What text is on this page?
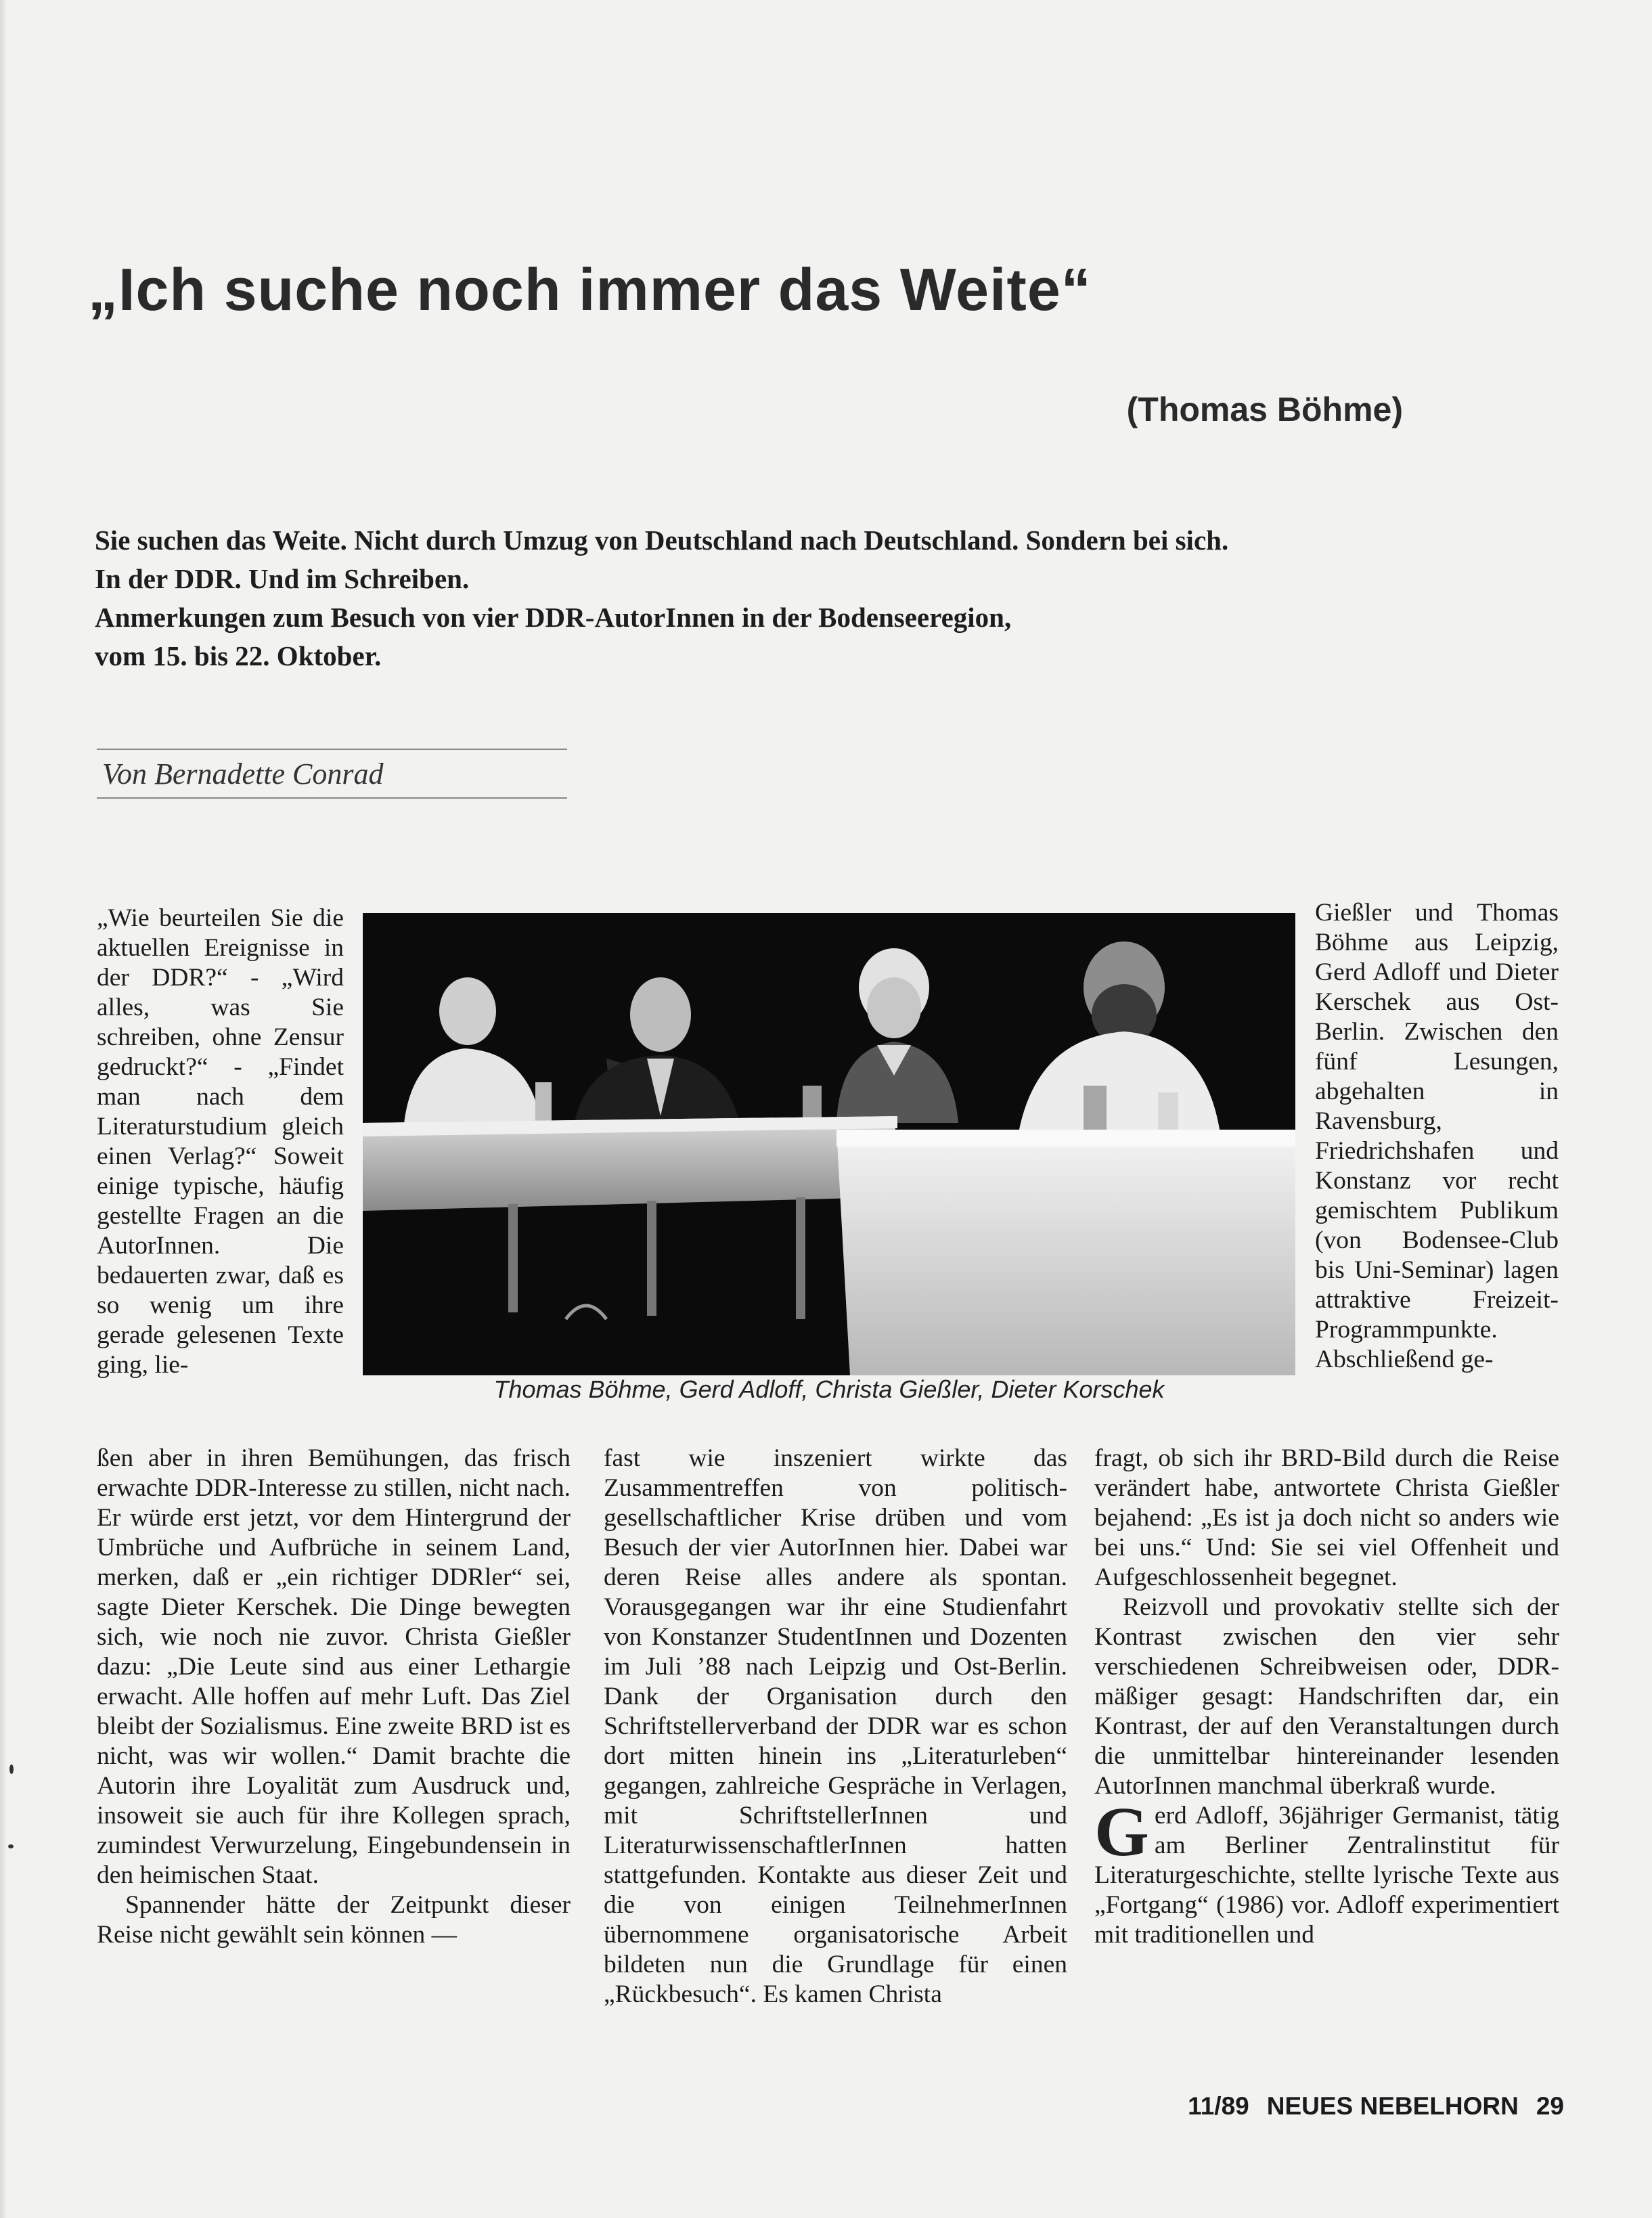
„Ich suche noch immer das Weite“
(Thomas Böhme)
Sie suchen das Weite. Nicht durch Umzug von Deutschland nach Deutschland. Sondern bei sich.
In der DDR. Und im Schreiben.
Anmerkungen zum Besuch von vier DDR-AutorInnen in der Bodenseeregion,
vom 15. bis 22. Oktober.
Von Bernadette Conrad

„Wie beurteilen Sie die aktuellen Ereignisse in der DDR?“ - „Wird alles, was Sie schreiben, ohne Zensur gedruckt?“ - „Findet man nach dem Literaturstudium gleich einen Verlag?“ Soweit einige typische, häufig gestellte Fragen an die AutorInnen. Die bedauerten zwar, daß es so wenig um ihre gerade gelesenen Texte ging, lie-

Thomas Böhme, Gerd Adloff, Christa Gießler, Dieter Korschek

Gießler und Thomas Böhme aus Leipzig, Gerd Adloff und Dieter Kerschek aus Ost-Berlin. Zwischen den fünf Lesungen, abgehalten in Ravensburg, Friedrichshafen und Konstanz vor recht gemischtem Publikum (von Bodensee-Club bis Uni-Seminar) lagen attraktive Freizeit-Programmpunkte. Abschließend ge-

ßen aber in ihren Bemühungen, das frisch erwachte DDR-Interesse zu stillen, nicht nach. Er würde erst jetzt, vor dem Hintergrund der Umbrüche und Aufbrüche in seinem Land, merken, daß er „ein richtiger DDRler“ sei, sagte Dieter Kerschek. Die Dinge bewegten sich, wie noch nie zuvor. Christa Gießler dazu: „Die Leute sind aus einer Lethargie erwacht. Alle hoffen auf mehr Luft. Das Ziel bleibt der Sozialismus. Eine zweite BRD ist es nicht, was wir wollen.“ Damit brachte die Autorin ihre Loyalität zum Ausdruck und, insoweit sie auch für ihre Kollegen sprach, zumindest Verwurzelung, Eingebundensein in den heimischen Staat.

Spannender hätte der Zeitpunkt dieser Reise nicht gewählt sein können —

fast wie inszeniert wirkte das Zusammentreffen von politisch-gesellschaftlicher Krise drüben und vom Besuch der vier AutorInnen hier. Dabei war deren Reise alles andere als spontan. Vorausgegangen war ihr eine Studienfahrt von Konstanzer StudentInnen und Dozenten im Juli ’88 nach Leipzig und Ost-Berlin. Dank der Organisation durch den Schriftstellerverband der DDR war es schon dort mitten hinein ins „Literaturleben“ gegangen, zahlreiche Gespräche in Verlagen, mit SchriftstellerInnen und LiteraturwissenschaftlerInnen hatten stattgefunden. Kontakte aus dieser Zeit und die von einigen TeilnehmerInnen übernommene organisatorische Arbeit bildeten nun die Grundlage für einen „Rückbesuch“. Es kamen Christa

fragt, ob sich ihr BRD-Bild durch die Reise verändert habe, antwortete Christa Gießler bejahend: „Es ist ja doch nicht so anders wie bei uns.“ Und: Sie sei viel Offenheit und Aufgeschlossenheit begegnet.

Reizvoll und provokativ stellte sich der Kontrast zwischen den vier sehr verschiedenen Schreibweisen oder, DDR-mäßiger gesagt: Handschriften dar, ein Kontrast, der auf den Veranstaltungen durch die unmittelbar hintereinander lesenden AutorInnen manchmal überkraß wurde.

Gerd Adloff, 36jähriger Germanist, tätig am Berliner Zentralinstitut für Literaturgeschichte, stellte lyrische Texte aus „Fortgang“ (1986) vor. Adloff experimentiert mit traditionellen und

11/89 NEUES NEBELHORN 29
